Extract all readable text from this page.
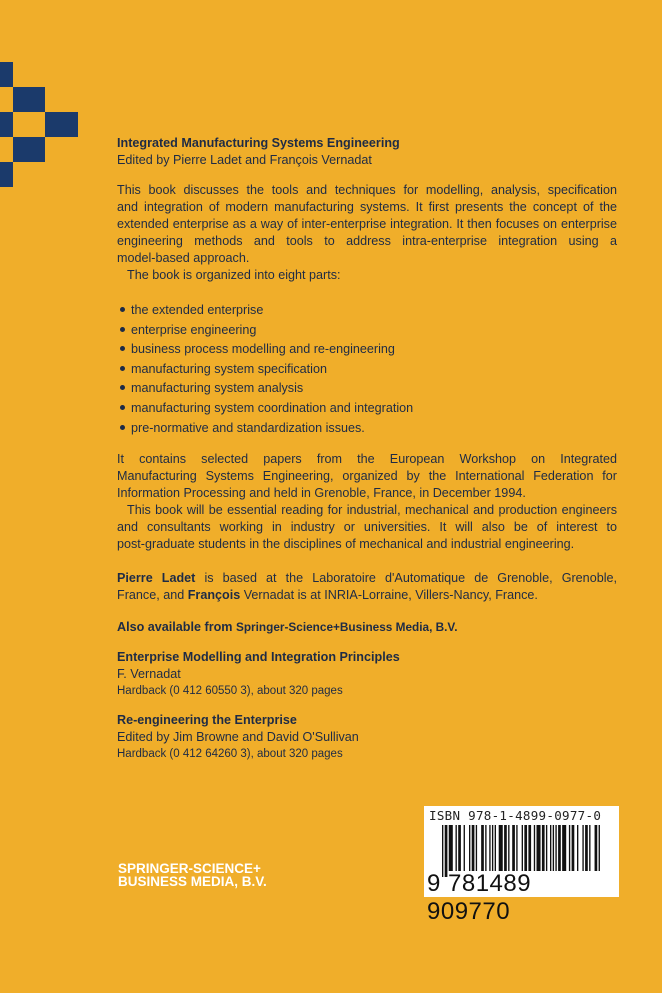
Integrated Manufacturing Systems Engineering
Edited by Pierre Ladet and François Vernadat
This book discusses the tools and techniques for modelling, analysis, specification
and integration of modern manufacturing systems. It first presents the concept of the
extended enterprise as a way of inter-enterprise integration. It then focuses on enterprise
engineering methods and tools to address intra-enterprise integration using a
model-based approach.
The book is organized into eight parts:
the extended enterprise
enterprise engineering
business process modelling and re-engineering
manufacturing system specification
manufacturing system analysis
manufacturing system coordination and integration
pre-normative and standardization issues.
It contains selected papers from the European Workshop on Integrated
Manufacturing Systems Engineering, organized by the International Federation for
Information Processing and held in Grenoble, France, in December 1994.
This book will be essential reading for industrial, mechanical and production engineers
and consultants working in industry or universities. It will also be of interest to
post-graduate students in the disciplines of mechanical and industrial engineering.
Pierre Ladet is based at the Laboratoire d'Automatique de Grenoble, Grenoble,
France, and François Vernadat is at INRIA-Lorraine, Villers-Nancy, France.
Also available from Springer-Science+Business Media, B.V.
Enterprise Modelling and Integration Principles
F. Vernadat
Hardback (0 412 60550 3), about 320 pages
Re-engineering the Enterprise
Edited by Jim Browne and David O'Sullivan
Hardback (0 412 64260 3), about 320 pages
ISBN 978-1-4899-0977-0
9 781489 909770
SPRINGER-SCIENCE+
BUSINESS MEDIA, B.V.
